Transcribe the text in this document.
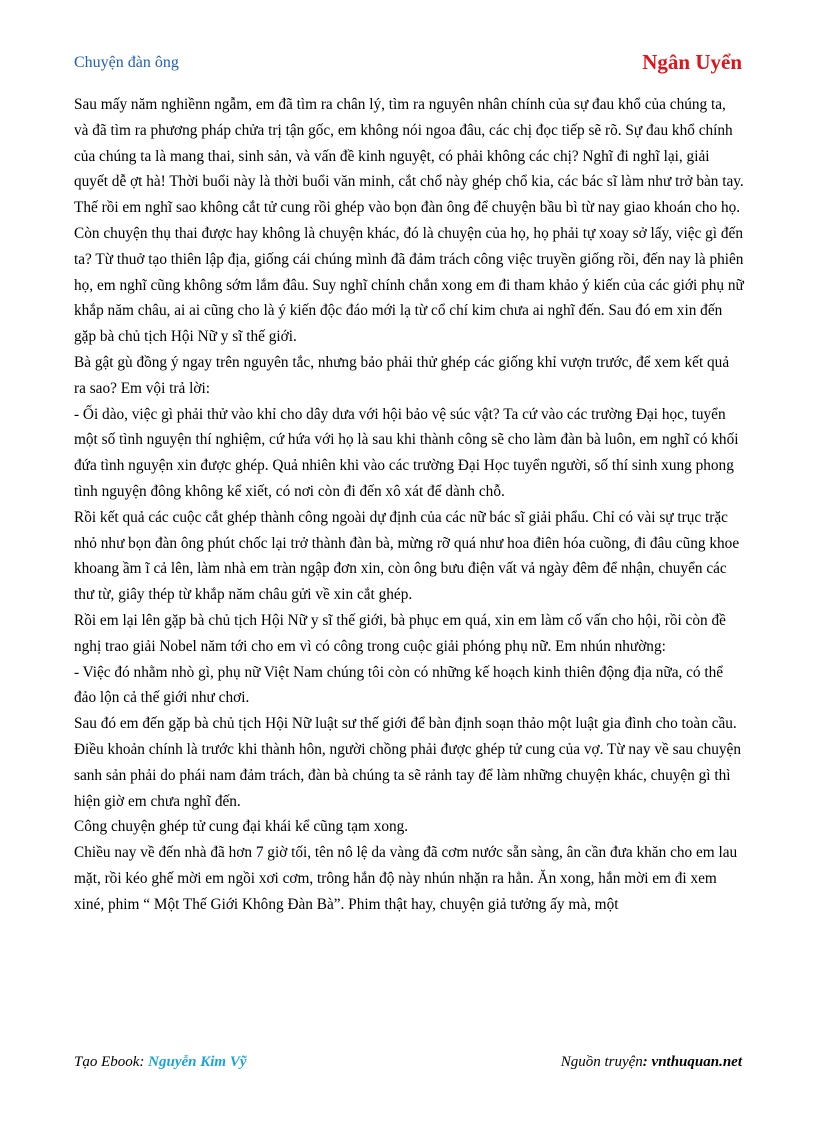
Chuyện đàn ông	Ngân Uyển

Sau mấy năm nghiềnn ngẫm, em đã tìm ra chân lý, tìm ra nguyên nhân chính của sự đau khổ của chúng ta, và đã tìm ra phương pháp chửa trị tận gốc, em không nói ngoa đâu, các chị đọc tiếp sẽ rõ. Sự đau khổ chính của chúng ta là mang thai, sinh sản, và vấn đề kinh nguyệt, có phải không các chị? Nghĩ đi nghĩ lại, giải quyết dễ ợt hà! Thời buổi này là thời buổi văn minh, cắt chổ này ghép chổ kia, các bác sĩ làm như trở bàn tay. Thế rồi em nghĩ sao không cắt tử cung rồi ghép vào bọn đàn ông để chuyện bầu bì từ nay giao khoán cho họ. Còn chuyện thụ thai được hay không là chuyện khác, đó là chuyện của họ, họ phải tự xoay sở lấy, việc gì đến ta? Từ thuở tạo thiên lập địa, giống cái chúng mình đã đảm trách công việc truyền giống rồi, đến nay là phiên họ, em nghĩ cũng không sớm lắm đâu. Suy nghĩ chính chắn xong em đi tham khảo ý kiến của các giới phụ nữ khắp năm châu, ai ai cũng cho là ý kiến độc đáo mới lạ từ cổ chí kim chưa ai nghĩ đến. Sau đó em xin đến gặp bà chủ tịch Hội Nữ y sĩ thế giới.

Bà gật gù đồng ý ngay trên nguyên tắc, nhưng bảo phải thử ghép các giống khỉ vượn trước, để xem kết quả ra sao? Em vội trả lời:

- Ối dào, việc gì phải thử vào khỉ cho dây dưa với hội bảo vệ súc vật? Ta cứ vào các trường Đại học, tuyển một số tình nguyện thí nghiệm, cứ hứa với họ là sau khi thành công sẽ cho làm đàn bà luôn, em nghĩ có khối đứa tình nguyện xin được ghép. Quả nhiên khi vào các trường Đại Học tuyển người, số thí sinh xung phong tình nguyện đông không kể xiết, có nơi còn đi đến xô xát để dành chỗ.

Rồi kết quả các cuộc cắt ghép thành công ngoài dự định của các nữ bác sĩ giải phẩu. Chỉ có vài sự trục trặc nhỏ như bọn đàn ông phút chốc lại trở thành đàn bà, mừng rỡ quá như hoa điên hóa cuồng, đi đâu cũng khoe khoang ầm ĩ cả lên, làm nhà em tràn ngập đơn xin, còn ông bưu điện vất vả ngày đêm để nhận, chuyển các thư từ, giây thép từ khắp năm châu gửi về xin cắt ghép.

Rồi em lại lên gặp bà chủ tịch Hội Nữ y sĩ thế giới, bà phục em quá, xin em làm cố vấn cho hội, rồi còn đề nghị trao giải Nobel năm tới cho em vì có công trong cuộc giải phóng phụ nữ. Em nhún nhường:

- Việc đó nhằm nhò gì, phụ nữ Việt Nam chúng tôi còn có những kế hoạch kinh thiên động địa nữa, có thể đảo lộn cả thế giới như chơi.

Sau đó em đến gặp bà chủ tịch Hội Nữ luật sư thế giới để bàn định soạn thảo một luật gia đình cho toàn cầu. Điều khoản chính là trước khi thành hôn, người chồng phải được ghép tử cung của vợ. Từ nay về sau chuyện sanh sản phải do phái nam đảm trách, đàn bà chúng ta sẽ rảnh tay để làm những chuyện khác, chuyện gì thì hiện giờ em chưa nghĩ đến.

Công chuyện ghép tử cung đại khái kể cũng tạm xong.

Chiều nay về đến nhà đã hơn 7 giờ tối, tên nô lệ da vàng đã cơm nước sẵn sàng, ân cần đưa khăn cho em lau mặt, rồi kéo ghế mời em ngồi xơi cơm, trông hắn độ này nhún nhặn ra hẳn. Ăn xong, hắn mời em đi xem xiné, phim “ Một Thế Giới Không Đàn Bà”. Phim thật hay, chuyện giả tưởng ấy mà, một

Tạo Ebook: Nguyễn Kim Vỹ	Nguồn truyện: vnthuquan.net
